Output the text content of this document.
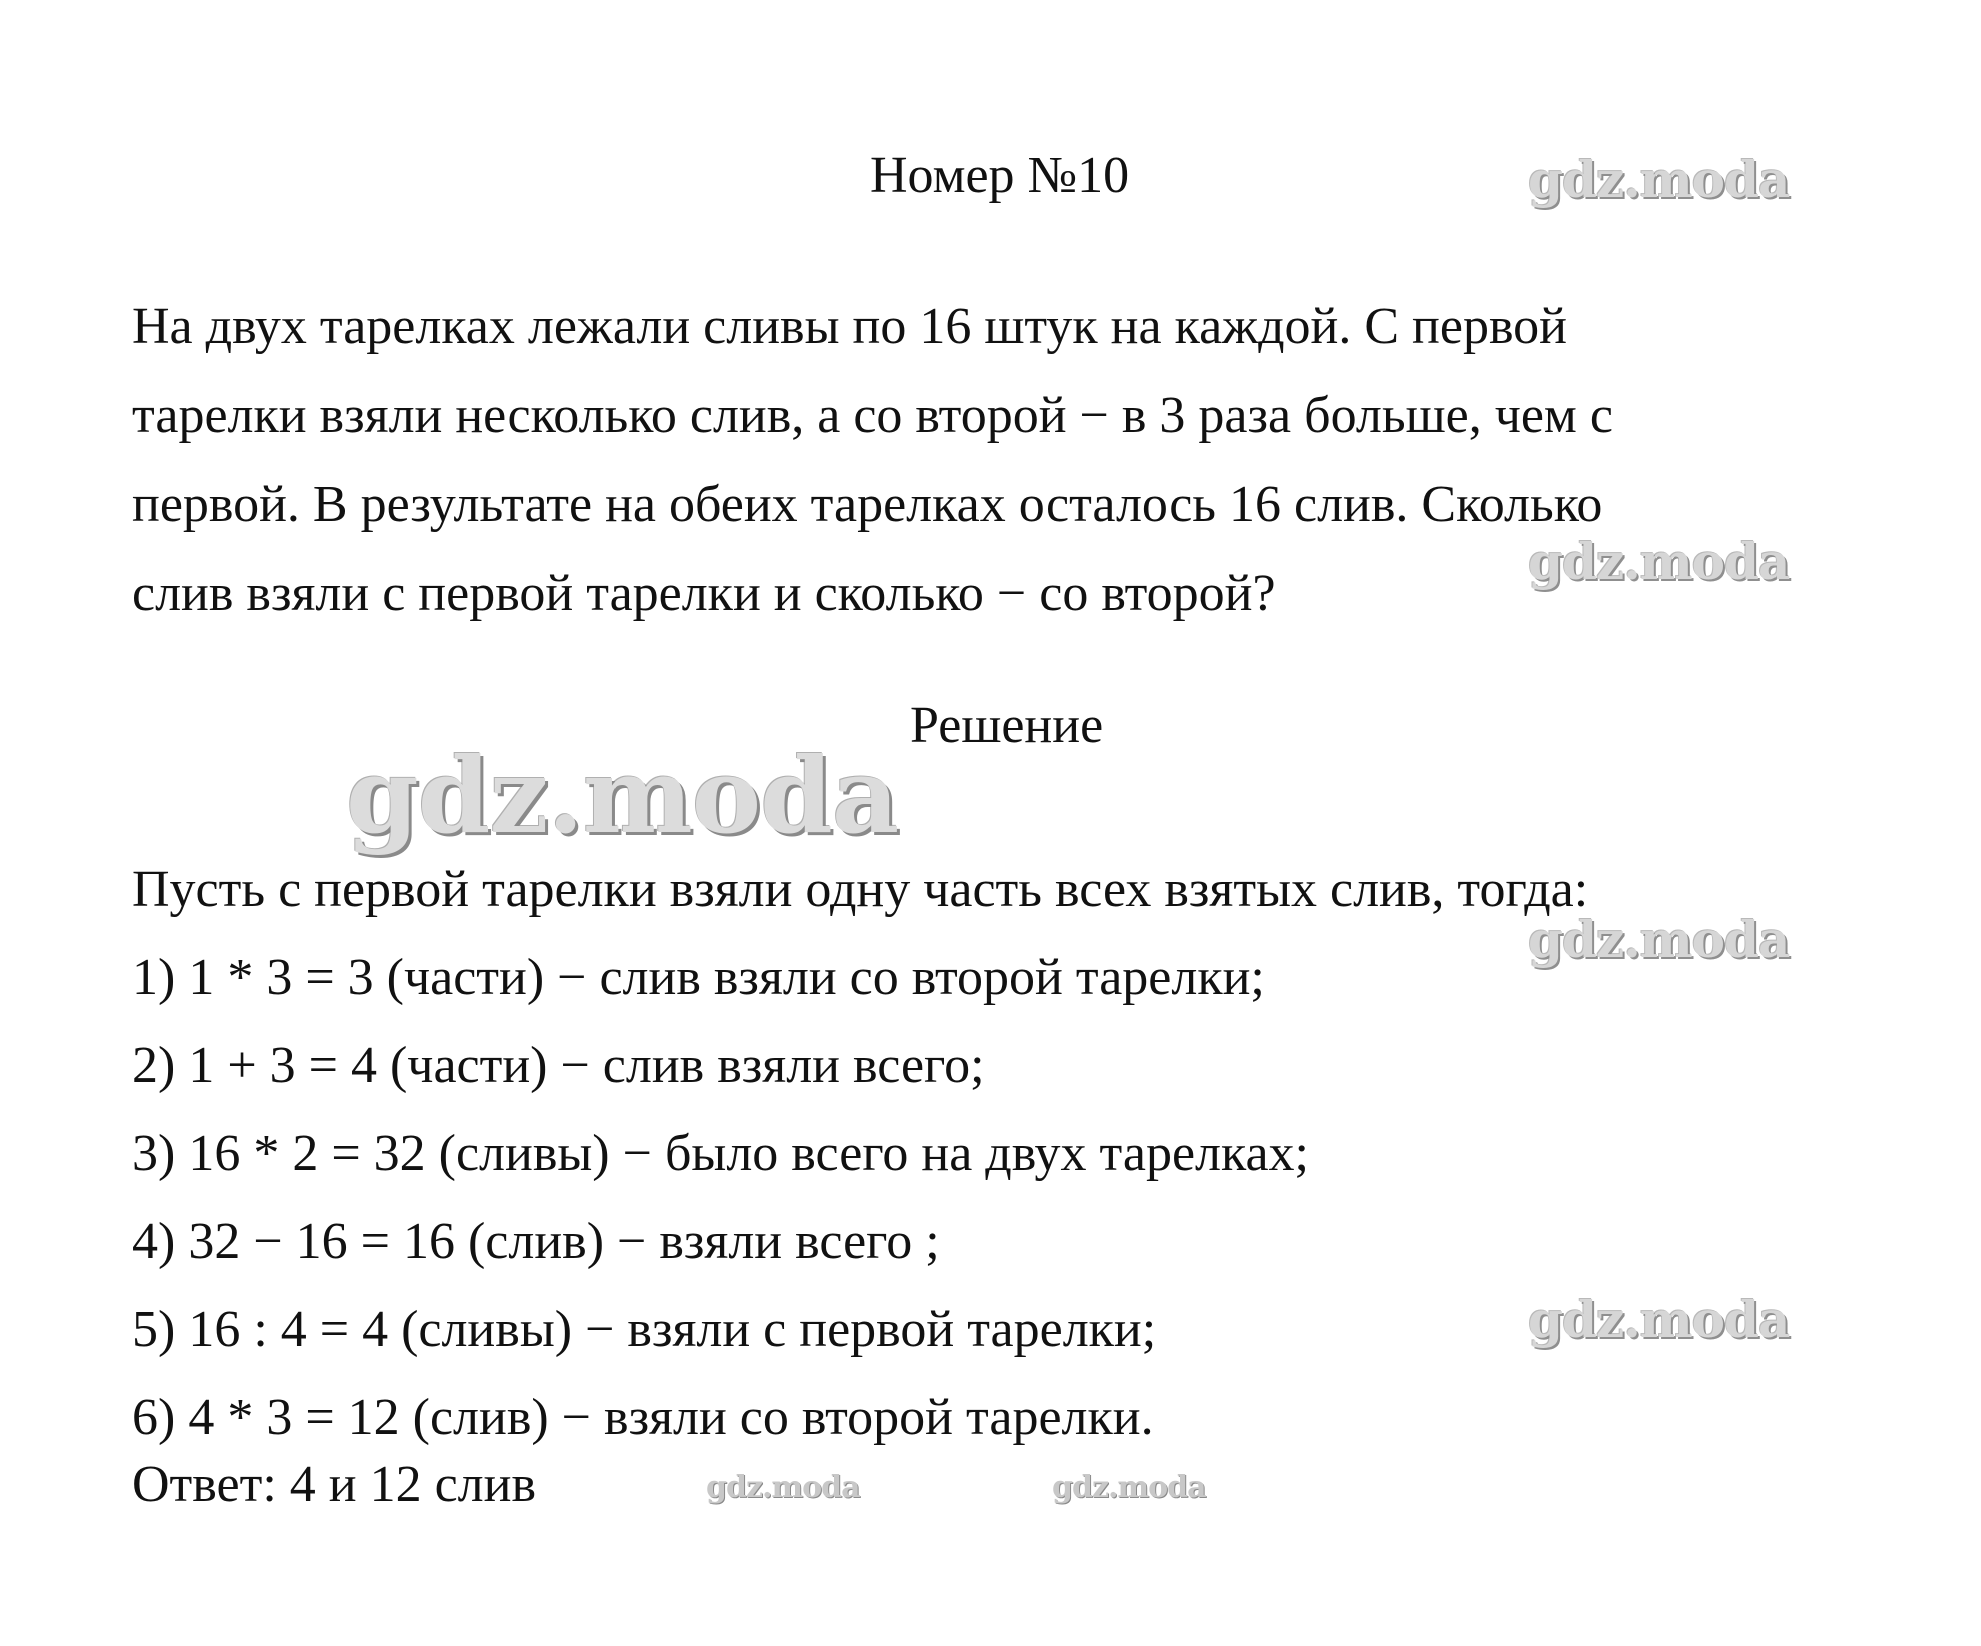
Номер №10
На двух тарелках лежали сливы по 16 штук на каждой. С первой
тарелки взяли несколько слив, а со второй − в 3 раза больше, чем с
первой. В результате на обеих тарелках осталось 16 слив. Сколько
слив взяли с первой тарелки и сколько − со второй?
Решение
Пусть с первой тарелки взяли одну часть всех взятых слив, тогда:
1) 1 * 3 = 3 (части) − слив взяли со второй тарелки;
2) 1 + 3 = 4 (части) − слив взяли всего;
3) 16 * 2 = 32 (сливы) − было всего на двух тарелках;
4) 32 − 16 = 16 (слив) − взяли всего ;
5) 16 : 4 = 4 (сливы) − взяли с первой тарелки;
6) 4 * 3 = 12 (слив) − взяли со второй тарелки.
Ответ: 4 и 12 слив
gdz.moda
gdz.moda
gdz.moda
gdz.moda
gdz.moda
gdz.moda	gdz.moda
